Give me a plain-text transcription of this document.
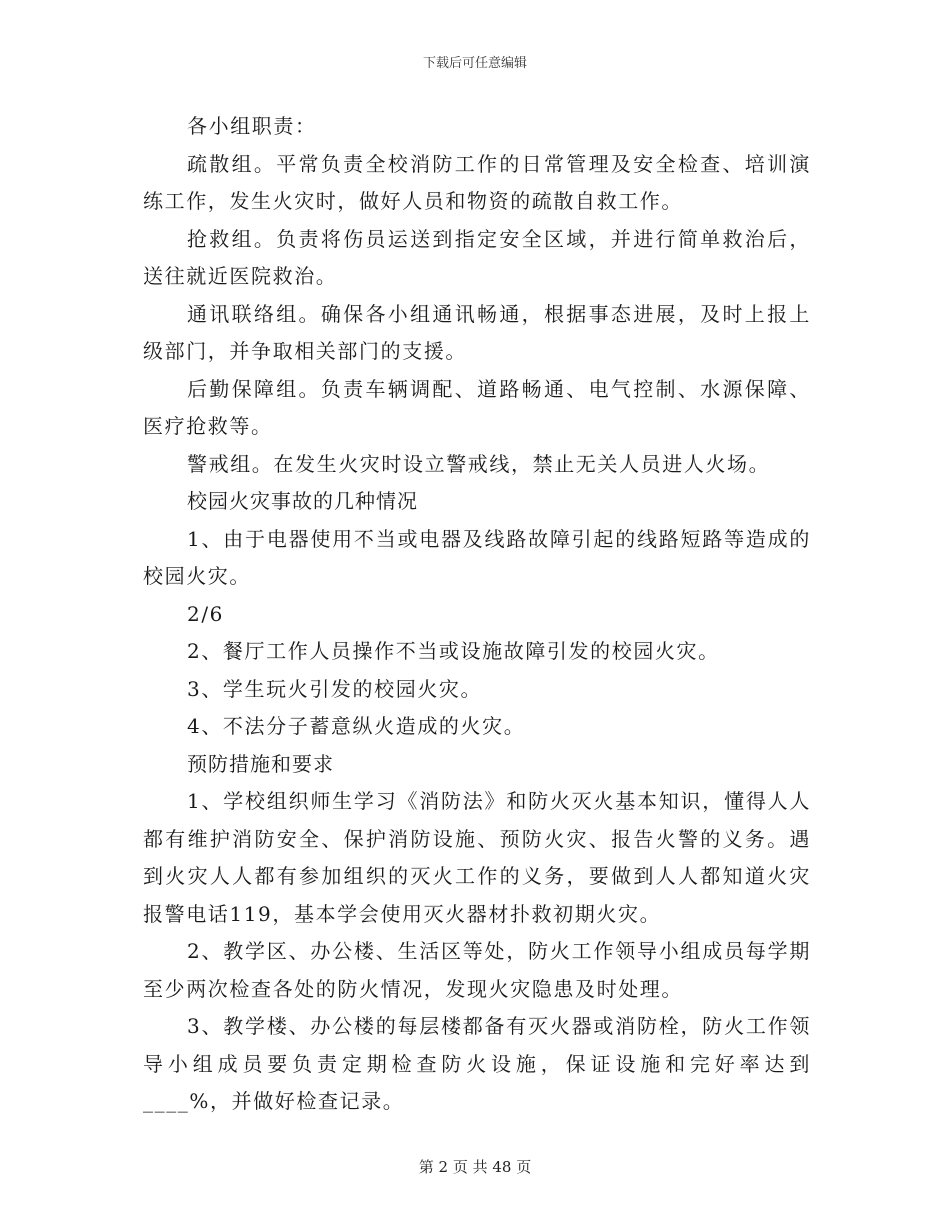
下载后可任意编辑

各小组职责：

疏散组。平常负责全校消防工作的日常管理及安全检查、培训演练工作，发生火灾时，做好人员和物资的疏散自救工作。

抢救组。负责将伤员运送到指定安全区域，并进行简单救治后，送往就近医院救治。

通讯联络组。确保各小组通讯畅通，根据事态进展，及时上报上级部门，并争取相关部门的支援。

后勤保障组。负责车辆调配、道路畅通、电气控制、水源保障、医疗抢救等。

警戒组。在发生火灾时设立警戒线，禁止无关人员进人火场。

校园火灾事故的几种情况

1、由于电器使用不当或电器及线路故障引起的线路短路等造成的校园火灾。

2/6

2、餐厅工作人员操作不当或设施故障引发的校园火灾。

3、学生玩火引发的校园火灾。

4、不法分子蓄意纵火造成的火灾。

预防措施和要求

1、学校组织师生学习《消防法》和防火灭火基本知识，懂得人人都有维护消防安全、保护消防设施、预防火灾、报告火警的义务。遇到火灾人人都有参加组织的灭火工作的义务，要做到人人都知道火灾报警电话119，基本学会使用灭火器材扑救初期火灾。

2、教学区、办公楼、生活区等处，防火工作领导小组成员每学期至少两次检查各处的防火情况，发现火灾隐患及时处理。

3、教学楼、办公楼的每层楼都备有灭火器或消防栓，防火工作领导小组成员要负责定期检查防火设施，保证设施和完好率达到____%，并做好检查记录。

第 2 页 共 48 页
